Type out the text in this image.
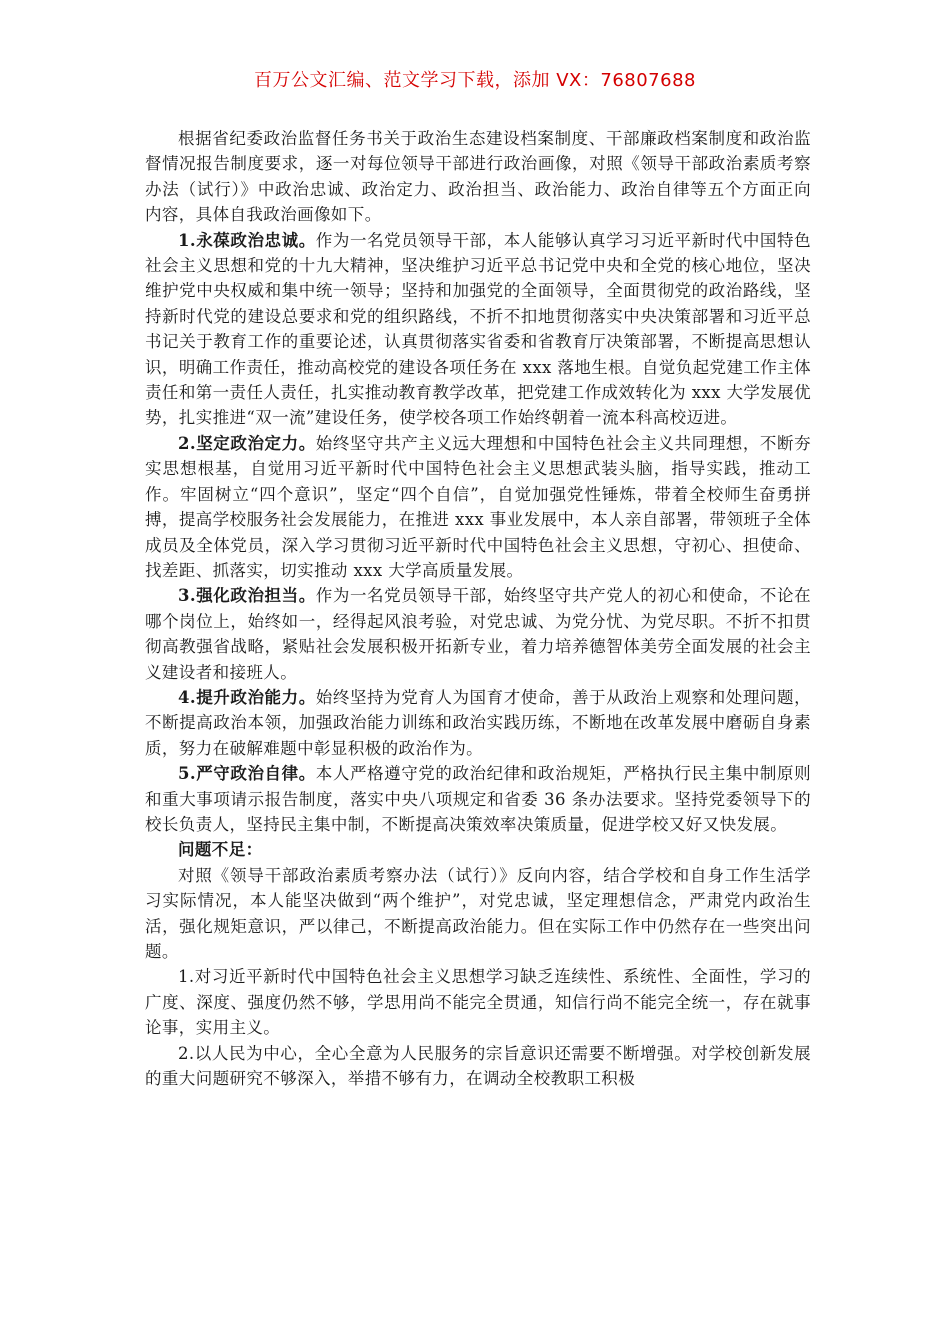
百万公文汇编、范文学习下载，添加 VX：76807688

根据省纪委政治监督任务书关于政治生态建设档案制度、干部廉政档案制度和政治监督情况报告制度要求，逐一对每位领导干部进行政治画像，对照《领导干部政治素质考察办法（试行）》中政治忠诚、政治定力、政治担当、政治能力、政治自律等五个方面正向内容，具体自我政治画像如下。

1.永葆政治忠诚。作为一名党员领导干部，本人能够认真学习习近平新时代中国特色社会主义思想和党的十九大精神，坚决维护习近平总书记党中央和全党的核心地位，坚决维护党中央权威和集中统一领导；坚持和加强党的全面领导，全面贯彻党的政治路线，坚持新时代党的建设总要求和党的组织路线，不折不扣地贯彻落实中央决策部署和习近平总书记关于教育工作的重要论述，认真贯彻落实省委和省教育厅决策部署，不断提高思想认识，明确工作责任，推动高校党的建设各项任务在 xxx 落地生根。自觉负起党建工作主体责任和第一责任人责任，扎实推动教育教学改革，把党建工作成效转化为 xxx 大学发展优势，扎实推进“双一流”建设任务，使学校各项工作始终朝着一流本科高校迈进。

2.坚定政治定力。始终坚守共产主义远大理想和中国特色社会主义共同理想，不断夯实思想根基，自觉用习近平新时代中国特色社会主义思想武装头脑，指导实践，推动工作。牢固树立“四个意识”，坚定“四个自信”，自觉加强党性锤炼，带着全校师生奋勇拼搏，提高学校服务社会发展能力，在推进 xxx 事业发展中，本人亲自部署，带领班子全体成员及全体党员，深入学习贯彻习近平新时代中国特色社会主义思想，守初心、担使命、找差距、抓落实，切实推动 xxx 大学高质量发展。

3.强化政治担当。作为一名党员领导干部，始终坚守共产党人的初心和使命，不论在哪个岗位上，始终如一，经得起风浪考验，对党忠诚、为党分忧、为党尽职。不折不扣贯彻高教强省战略，紧贴社会发展积极开拓新专业，着力培养德智体美劳全面发展的社会主义建设者和接班人。

4.提升政治能力。始终坚持为党育人为国育才使命，善于从政治上观察和处理问题，不断提高政治本领，加强政治能力训练和政治实践历练，不断地在改革发展中磨砺自身素质，努力在破解难题中彰显积极的政治作为。

5.严守政治自律。本人严格遵守党的政治纪律和政治规矩，严格执行民主集中制原则和重大事项请示报告制度，落实中央八项规定和省委 36 条办法要求。坚持党委领导下的校长负责人，坚持民主集中制，不断提高决策效率决策质量，促进学校又好又快发展。

问题不足：

对照《领导干部政治素质考察办法（试行）》反向内容，结合学校和自身工作生活学习实际情况，本人能坚决做到“两个维护”，对党忠诚，坚定理想信念，严肃党内政治生活，强化规矩意识，严以律己，不断提高政治能力。但在实际工作中仍然存在一些突出问题。

1.对习近平新时代中国特色社会主义思想学习缺乏连续性、系统性、全面性，学习的广度、深度、强度仍然不够，学思用尚不能完全贯通，知信行尚不能完全统一，存在就事论事，实用主义。

2.以人民为中心，全心全意为人民服务的宗旨意识还需要不断增强。对学校创新发展的重大问题研究不够深入，举措不够有力，在调动全校教职工积极
